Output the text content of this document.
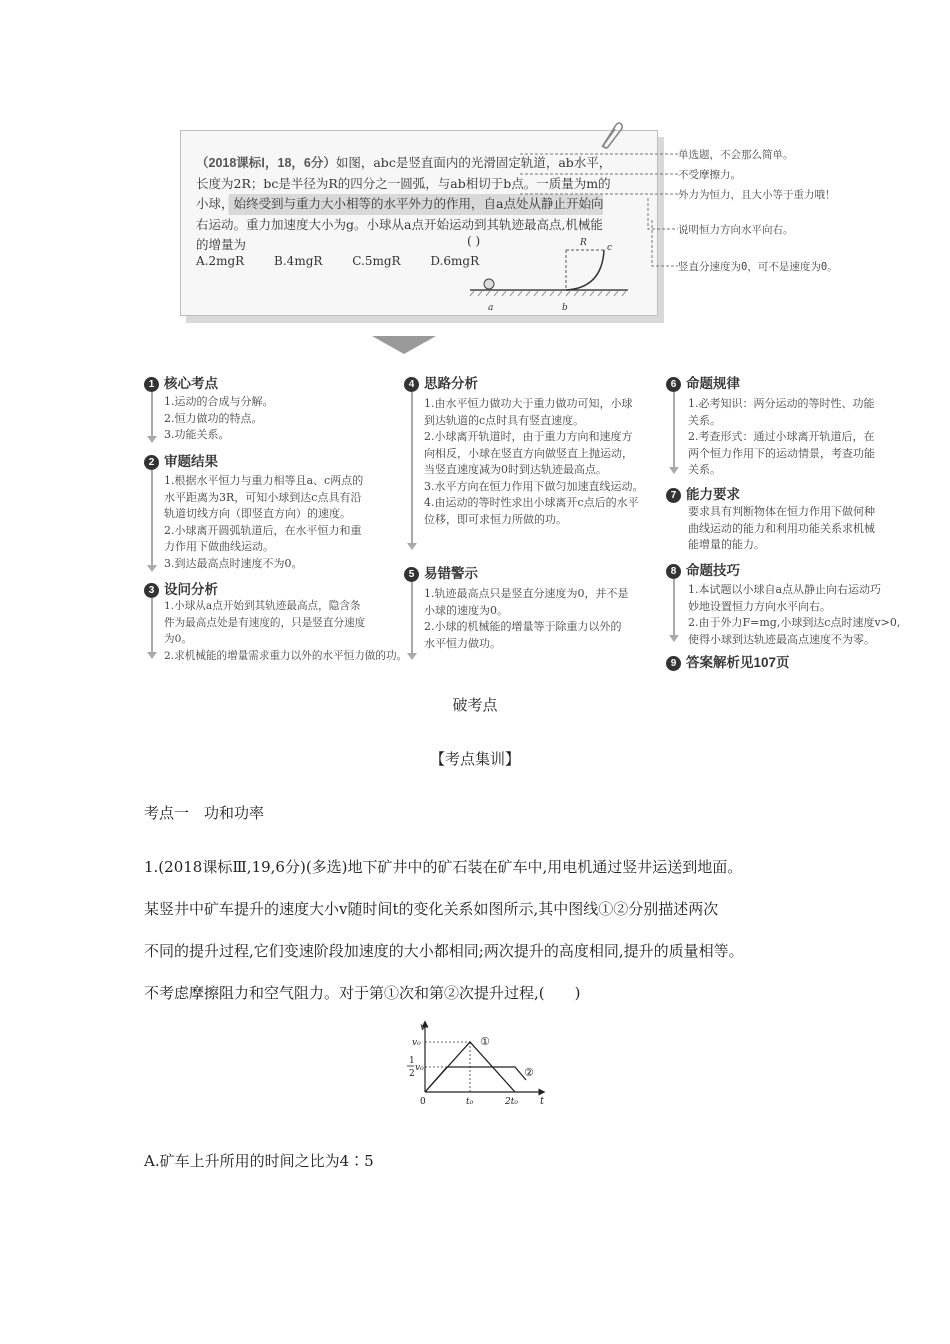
（2018课标Ⅰ，18，6分）如图，abc是竖直面内的光滑固定轨道，ab水平，
长度为2R；bc是半径为R的四分之一圆弧，与ab相切于b点。一质量为m的
小球，始终受到与重力大小相等的水平外力的作用，自a点处从静止开始向
右运动。重力加速度大小为g。小球从a点开始运动到其轨迹最高点,机械能
的增量为	( )
A.2mgR B.4mgR C.5mgR D.6mgR
a	b
c
R
单选题，不会那么简单。
不受摩擦力。
外力为恒力，且大小等于重力哦！
说明恒力方向水平向右。
竖直分速度为0，可不是速度为0。
1 核心考点
1.运动的合成与分解。
2.恒力做功的特点。
3.功能关系。
2 审题结果
1.根据水平恒力与重力相等且a、c两点的
水平距离为3R，可知小球到达c点具有沿
轨道切线方向（即竖直方向）的速度。
2.小球离开圆弧轨道后，在水平恒力和重
力作用下做曲线运动。
3.到达最高点时速度不为0。
3 设问分析
1.小球从a点开始到其轨迹最高点，隐含条
件为最高点处是有速度的，只是竖直分速度
为0。
2.求机械能的增量需求重力以外的水平恒力做的功。
4 思路分析
1.由水平恒力做功大于重力做功可知，小球
到达轨道的c点时具有竖直速度。
2.小球离开轨道时，由于重力方向和速度方
向相反，小球在竖直方向做竖直上抛运动，
当竖直速度减为0时到达轨迹最高点。
3.水平方向在恒力作用下做匀加速直线运动。
4.由运动的等时性求出小球离开c点后的水平
位移，即可求恒力所做的功。
5 易错警示
1.轨迹最高点只是竖直分速度为0，并不是
小球的速度为0。
2.小球的机械能的增量等于除重力以外的
水平恒力做功。
6 命题规律
1.必考知识：两分运动的等时性、功能
关系。
2.考查形式：通过小球离开轨道后，在
两个恒力作用下的运动情景，考查功能
关系。
7 能力要求
要求具有判断物体在恒力作用下做何种
曲线运动的能力和利用功能关系求机械
能增量的能力。
8 命题技巧
1.本试题以小球自a点从静止向右运动巧
妙地设置恒力方向水平向右。
2.由于外力F=mg,小球到达c点时速度v>0,
使得小球到达轨迹最高点速度不为零。
9 答案解析见107页
破考点
【考点集训】
考点一　功和功率
1.(2018课标Ⅲ,19,6分)(多选)地下矿井中的矿石装在矿车中,用电机通过竖井运送到地面。
某竖井中矿车提升的速度大小v随时间t的变化关系如图所示,其中图线①②分别描述两次
不同的提升过程,它们变速阶段加速度的大小都相同;两次提升的高度相同,提升的质量相等。
不考虑摩擦阻力和空气阻力。对于第①次和第②次提升过程,(　　)
v
t
v₀
1
2
v₀
0	t₀	2t₀
①
②
A.矿车上升所用的时间之比为4∶5
